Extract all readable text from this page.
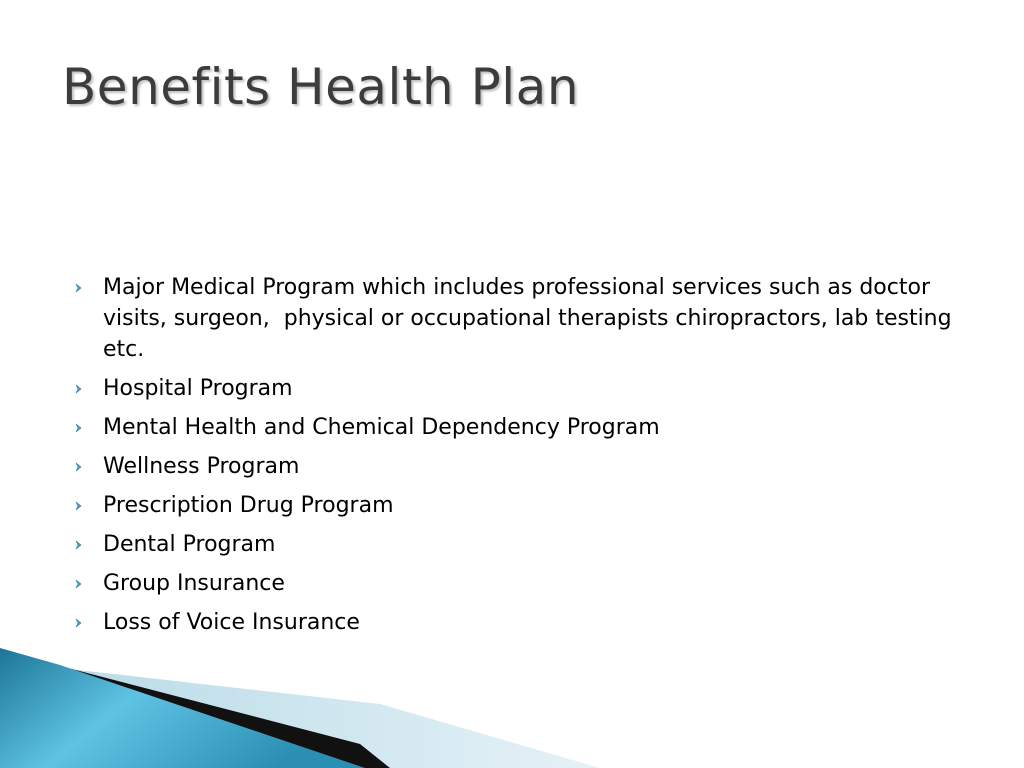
Benefits Health Plan
Major Medical Program which includes professional services such as doctor visits, surgeon,  physical or occupational therapists chiropractors, lab testing etc.
Hospital Program
Mental Health and Chemical Dependency Program
Wellness Program
Prescription Drug Program
Dental Program
Group Insurance
Loss of Voice Insurance
